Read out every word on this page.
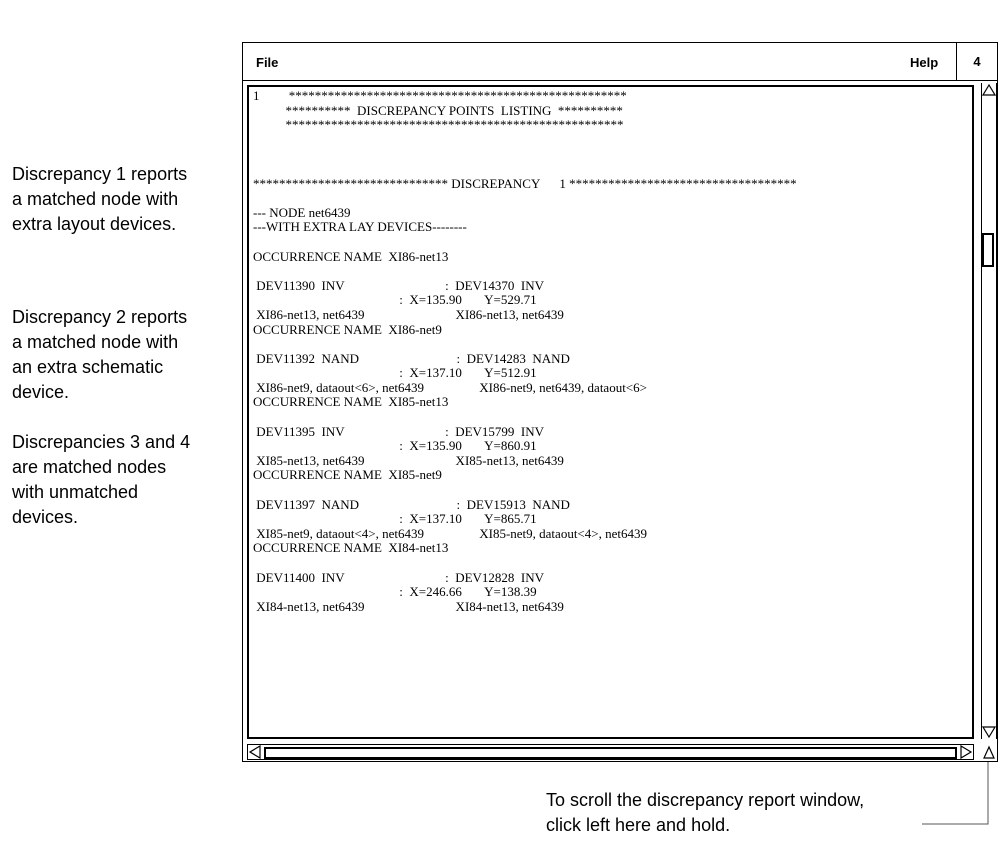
Discrepancy 1 reports
a matched node with
extra layout devices.
Discrepancy 2 reports
a matched node with
an extra schematic
device.
Discrepancies 3 and 4
are matched nodes
with unmatched
devices.
File	Help	4
1         ****************************************************
**********  DISCREPANCY POINTS  LISTING  **********
****************************************************

****************************** DISCREPANCY      1 ***********************************

--- NODE net6439
---WITH EXTRA LAY DEVICES--------

OCCURRENCE NAME  XI86-net13

DEV11390  INV                               :  DEV14370  INV
:  X=135.90       Y=529.71
XI86-net13, net6439                            XI86-net13, net6439
OCCURRENCE NAME  XI86-net9

DEV11392  NAND                              :  DEV14283  NAND
:  X=137.10       Y=512.91
XI86-net9, dataout<6>, net6439                 XI86-net9, net6439, dataout<6>
OCCURRENCE NAME  XI85-net13

DEV11395  INV                               :  DEV15799  INV
:  X=135.90       Y=860.91
XI85-net13, net6439                            XI85-net13, net6439
OCCURRENCE NAME  XI85-net9

DEV11397  NAND                              :  DEV15913  NAND
:  X=137.10       Y=865.71
XI85-net9, dataout<4>, net6439                 XI85-net9, dataout<4>, net6439
OCCURRENCE NAME  XI84-net13

DEV11400  INV                               :  DEV12828  INV
:  X=246.66       Y=138.39
XI84-net13, net6439                            XI84-net13, net6439

To scroll the discrepancy report window,
click left here and hold.
